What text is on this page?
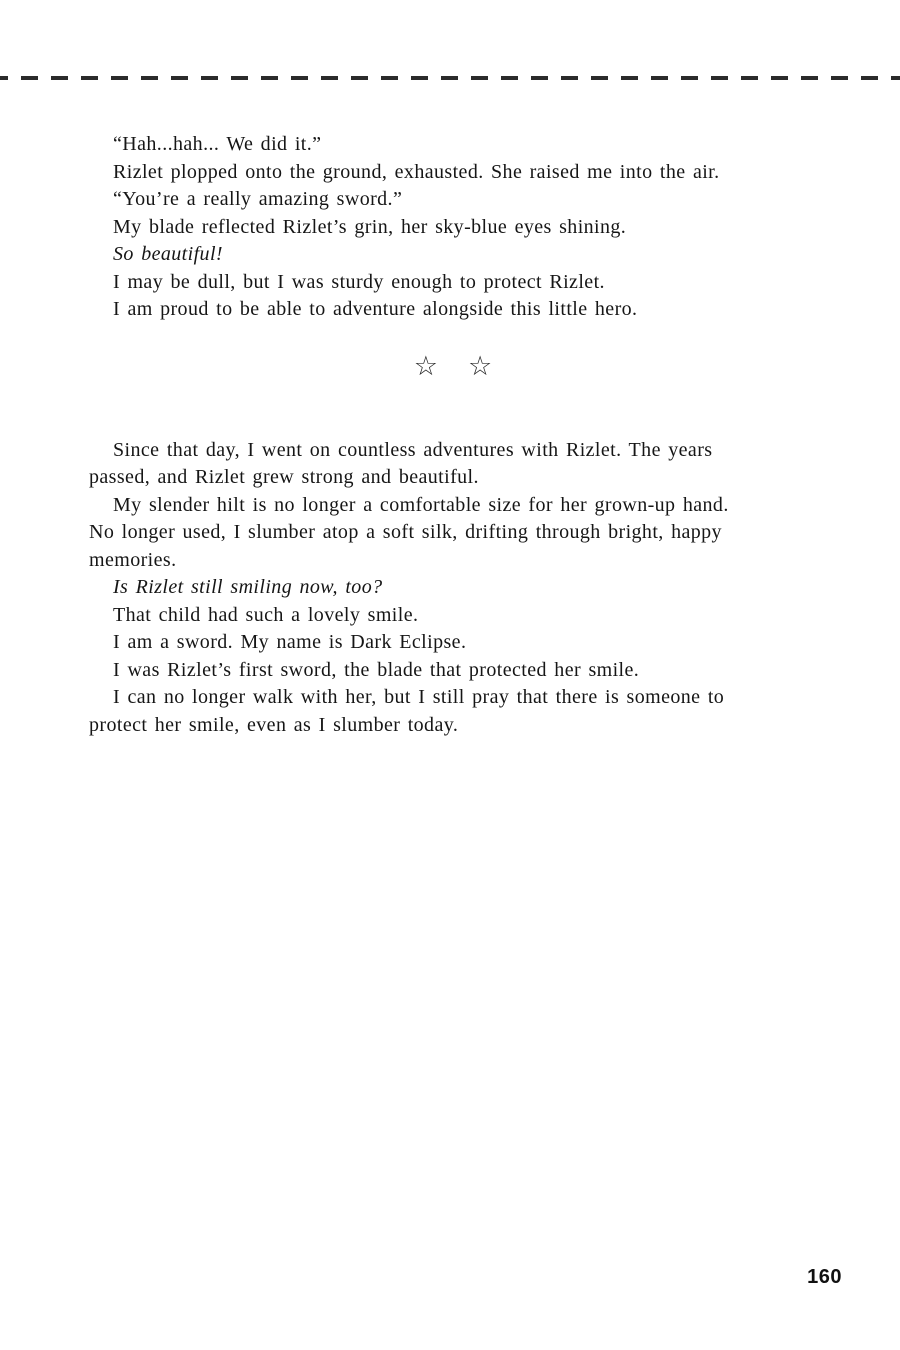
“Hah...hah... We did it.”

Rizlet plopped onto the ground, exhausted. She raised me into the air.

“You’re a really amazing sword.”

My blade reflected Rizlet’s grin, her sky-blue eyes shining.

So beautiful!

I may be dull, but I was sturdy enough to protect Rizlet.

I am proud to be able to adventure alongside this little hero.

☆ ☆

Since that day, I went on countless adventures with Rizlet. The years
passed, and Rizlet grew strong and beautiful.

My slender hilt is no longer a comfortable size for her grown-up hand.
No longer used, I slumber atop a soft silk, drifting through bright, happy
memories.

Is Rizlet still smiling now, too?

That child had such a lovely smile.

I am a sword. My name is Dark Eclipse.

I was Rizlet’s first sword, the blade that protected her smile.

I can no longer walk with her, but I still pray that there is someone to
protect her smile, even as I slumber today.

160
